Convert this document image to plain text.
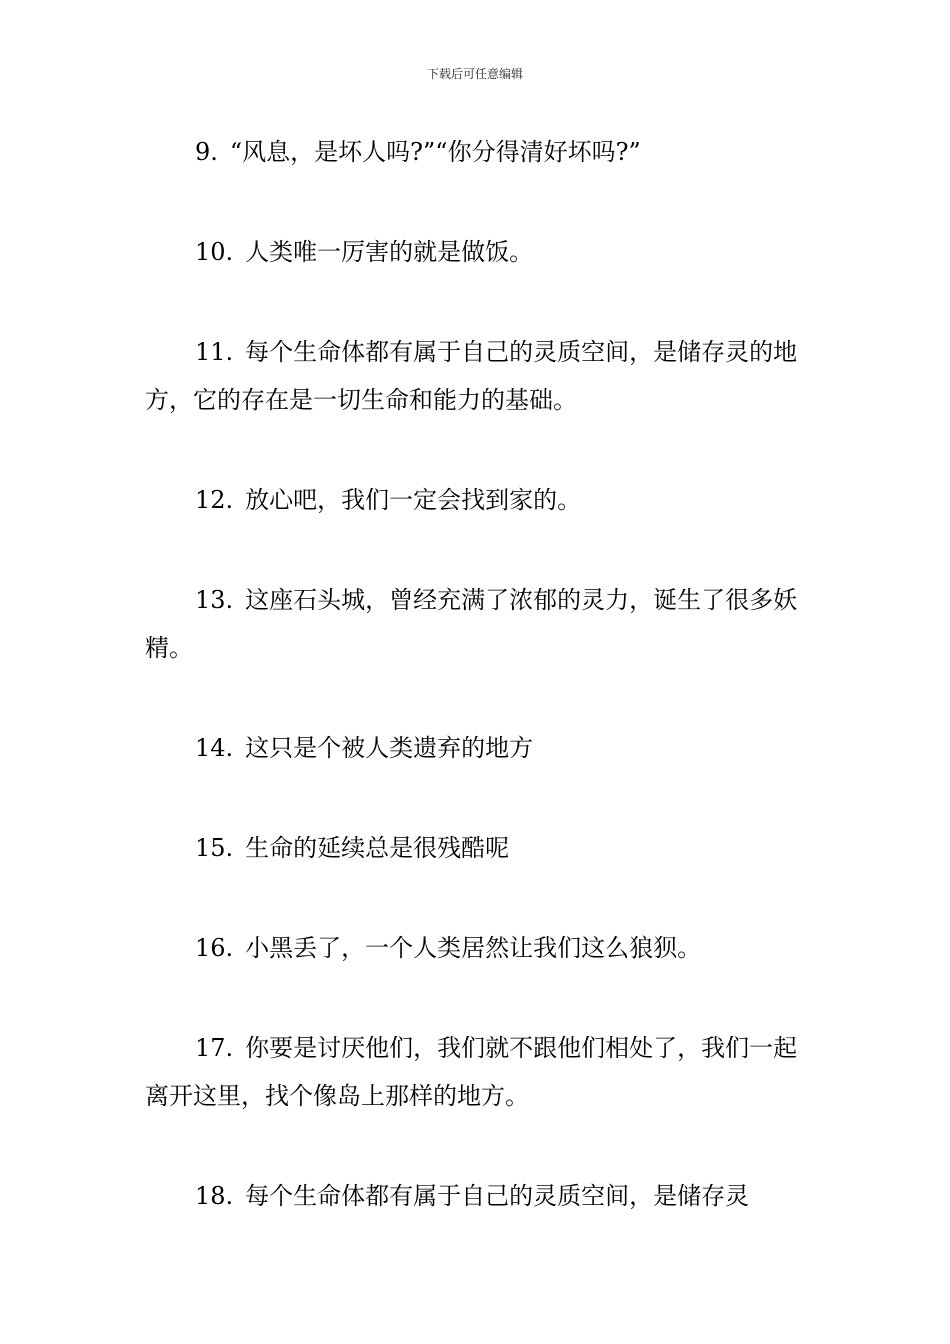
下载后可任意编辑

9. “风息，是坏人吗?”“你分得清好坏吗?”

10. 人类唯一厉害的就是做饭。

11. 每个生命体都有属于自己的灵质空间，是储存灵的地方，它的存在是一切生命和能力的基础。

12. 放心吧，我们一定会找到家的。

13. 这座石头城，曾经充满了浓郁的灵力，诞生了很多妖精。

14. 这只是个被人类遗弃的地方

15. 生命的延续总是很残酷呢

16. 小黑丢了，一个人类居然让我们这么狼狈。

17. 你要是讨厌他们，我们就不跟他们相处了，我们一起离开这里，找个像岛上那样的地方。

18. 每个生命体都有属于自己的灵质空间，是储存灵
